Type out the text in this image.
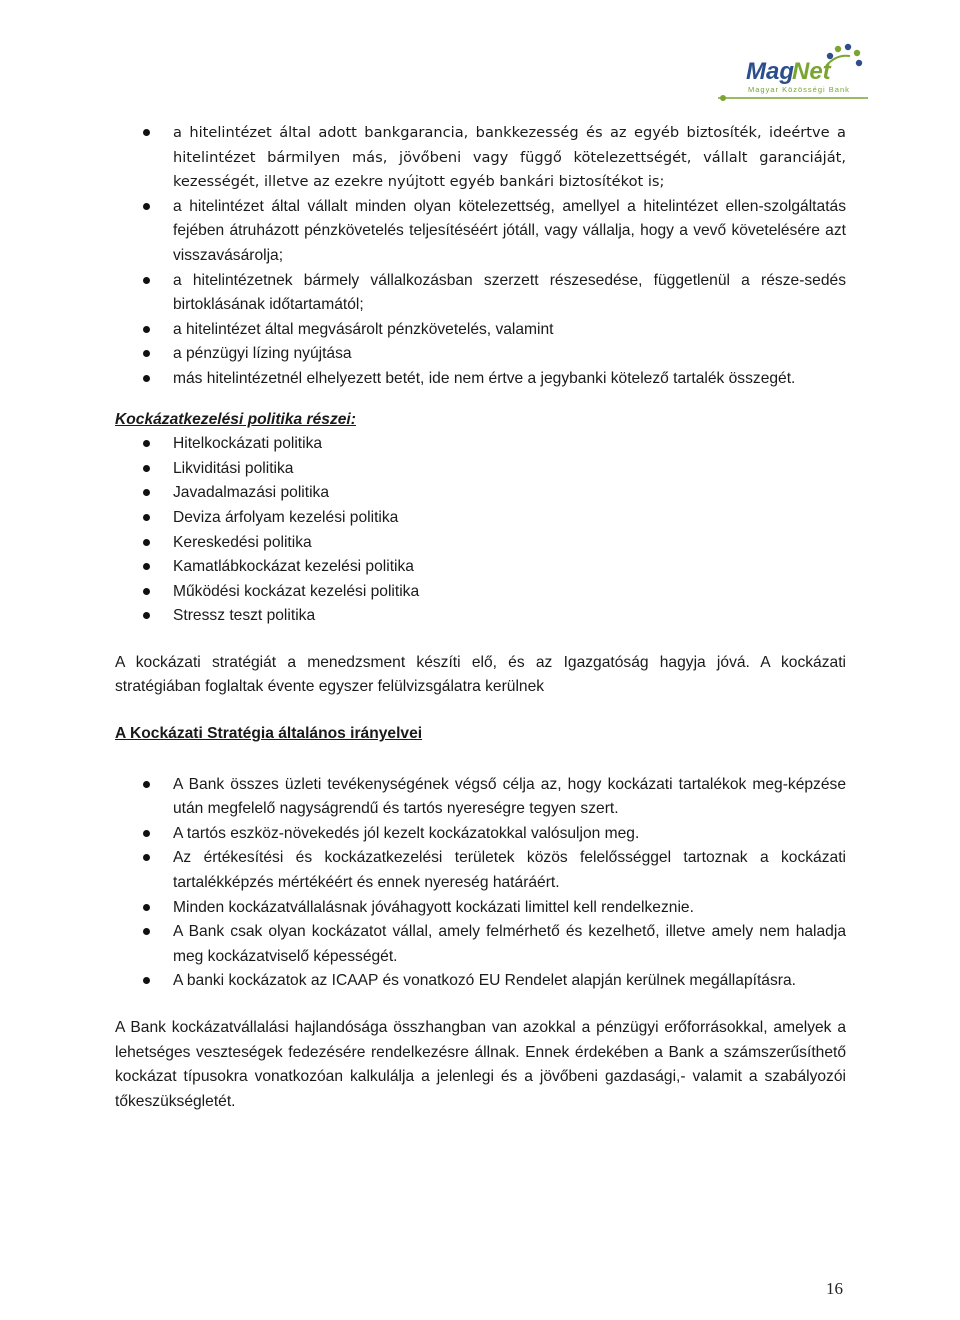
Mag
Net
Magyar Közösségi Bank
a hitelintézet által adott bankgarancia, bankkezesség és az egyéb biztosíték, ideértve a hitelintézet bármilyen más, jövőbeni vagy függő kötelezettségét, vállalt garanciáját, kezességét, illetve az ezekre nyújtott egyéb bankári biztosítékot is;
a hitelintézet által vállalt minden olyan kötelezettség, amellyel a hitelintézet ellen-szolgáltatás fejében átruházott pénzkövetelés teljesítéséért jótáll, vagy vállalja, hogy a vevő követelésére azt visszavásárolja;
a hitelintézetnek bármely vállalkozásban szerzett részesedése, függetlenül a része-sedés birtoklásának időtartamától;
a hitelintézet által megvásárolt pénzkövetelés, valamint
a pénzügyi lízing nyújtása
más hitelintézetnél elhelyezett betét, ide nem értve a jegybanki kötelező tartalék összegét.
Kockázatkezelési politika részei:
Hitelkockázati politika
Likviditási politika
Javadalmazási politika
Deviza árfolyam kezelési politika
Kereskedési politika
Kamatlábkockázat kezelési politika
Működési kockázat kezelési politika
Stressz teszt politika

A kockázati stratégiát a menedzsment készíti elő, és az Igazgatóság hagyja jóvá. A kockázati stratégiában foglaltak évente egyszer felülvizsgálatra kerülnek

A Kockázati Stratégia általános irányelvei
A Bank összes üzleti tevékenységének végső célja az, hogy kockázati tartalékok meg-képzése után megfelelő nagyságrendű és tartós nyereségre tegyen szert.
A tartós eszköz-növekedés jól kezelt kockázatokkal valósuljon meg.
Az értékesítési és kockázatkezelési területek közös felelősséggel tartoznak a kockázati tartalékképzés mértékéért és ennek nyereség határáért.
Minden kockázatvállalásnak jóváhagyott kockázati limittel kell rendelkeznie.
A Bank csak olyan kockázatot vállal, amely felmérhető és kezelhető, illetve amely nem haladja meg kockázatviselő képességét.
A banki kockázatok az ICAAP és vonatkozó EU Rendelet alapján kerülnek megállapításra.

A Bank kockázatvállalási hajlandósága összhangban van azokkal a pénzügyi erőforrásokkal, amelyek a lehetséges veszteségek fedezésére rendelkezésre állnak. Ennek érdekében a Bank a számszerűsíthető kockázat típusokra vonatkozóan kalkulálja a jelenlegi és a jövőbeni gazdasági,- valamit a szabályozói tőkeszükségletét.

16
